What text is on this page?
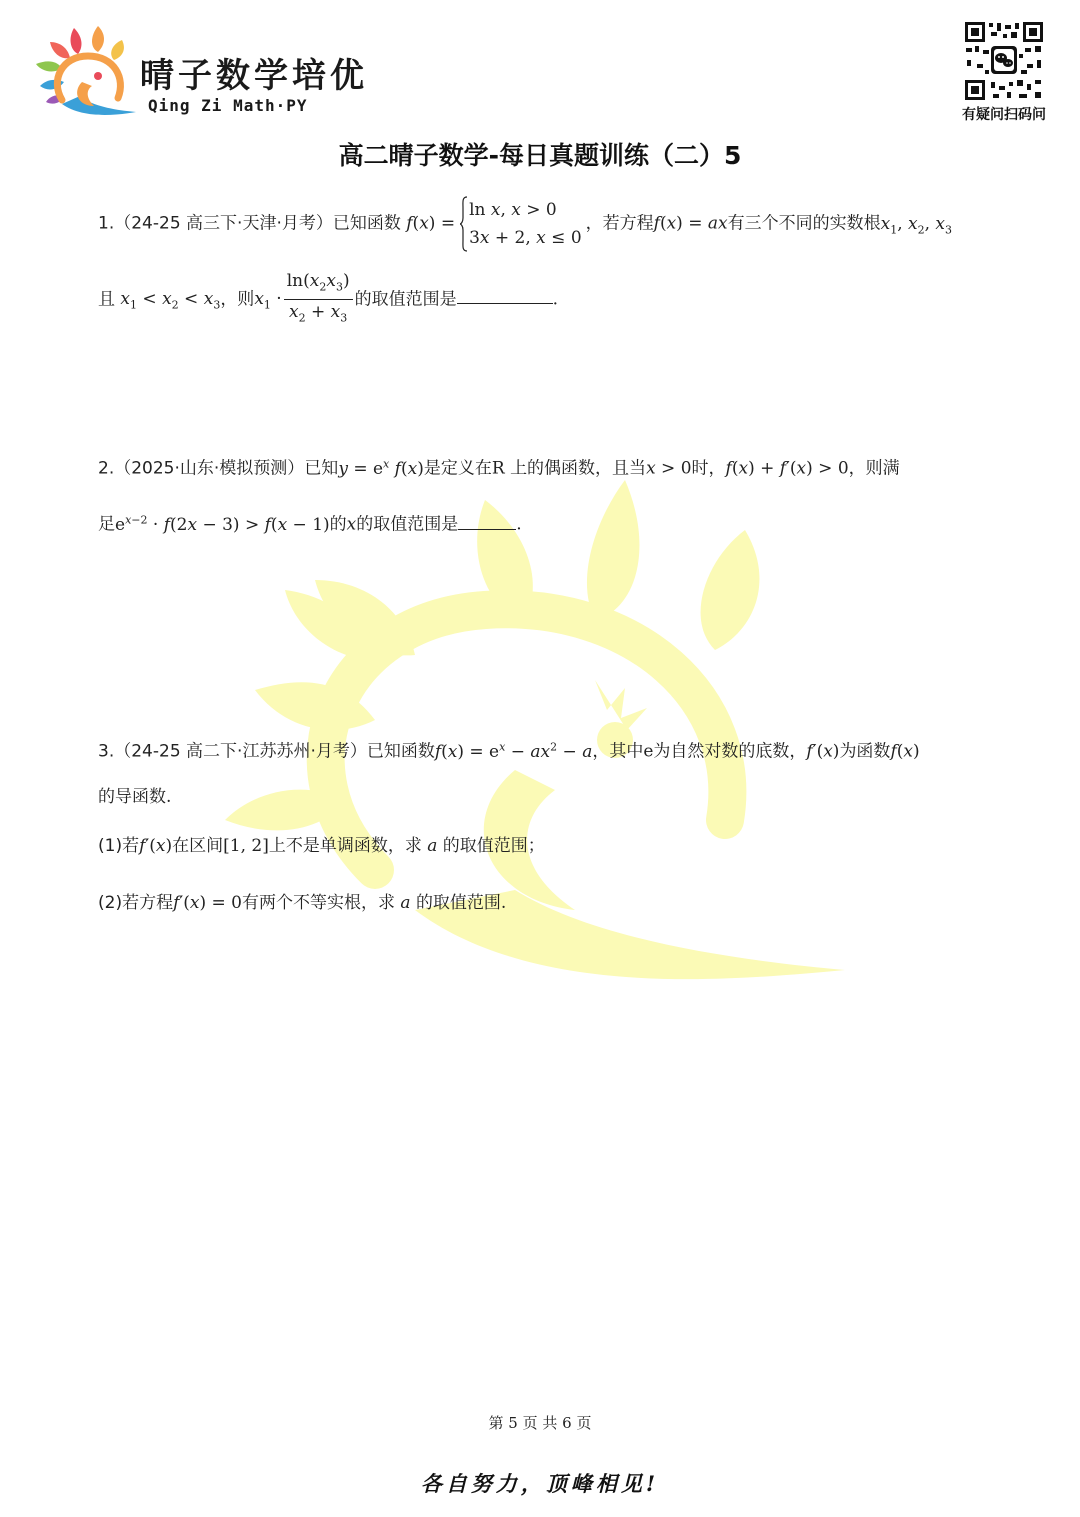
晴子数学培优
Qing Zi Math·PY	有疑问扫码问
高二晴子数学-每日真题训练（二）5
1.（24-25 高三下·天津·月考）已知函数 f(x) =
ln x, x > 0
3x + 2, x ≤ 0
，若方程f(x) = ax有三个不同的实数根$x_1$, $x_2$, $x_3$
且 $x_1 < x_2 < x_3$，则$x_1 \cdot \frac{\ln(x_2x_3)}{x_2 + x_3}$ 的取值范围是	.
2.（2025·山东·模拟预测）已知$y = e^x$ f(x)是定义在R 上的偶函数，且当x > 0时，f(x) + f′(x) > 0，则满
足$e^{x-2} \cdot f(2x - 3) > f(x - 1)$的x的取值范围是	.
3.（24-25 高二下·江苏苏州·月考）已知函数$f(x) = e^x - ax^2 - a$，其中e为自然对数的底数，f′(x)为函数f(x)
的导函数.
(1)若f′(x)在区间[1, 2]上不是单调函数，求 a 的取值范围；
(2)若方程f′(x) = 0有两个不等实根，求 a 的取值范围.
第 5 页 共 6 页
各自努力，顶峰相见!
